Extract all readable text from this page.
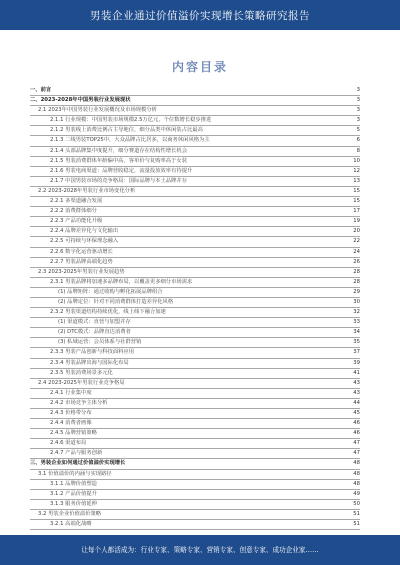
男装企业通过价值溢价实现增长策略研究报告
内容目录
一、前言	3
二、2023-2028年中国男装行业发展现状	3
2.1 2023年中国男装行业发展概况及市场规模分析	3
2.1.1 行业规模：中国男装市场规模2.5万亿元，个位数增长稳步推进	3
2.1.2 男装线上消费比例占主导地位，细分品类中休闲装占比最高	5
2.1.3 二线男装TOP25中，大众品牌占比居多，以商务休闲风格为主	6
2.1.4 头部品牌集中度提升，细分赛道存在结构性增长机会	8
2.1.5 男装消费群体年龄偏中高，客单价与复购率高于女装	10
2.1.6 男装电商渠道：品牌营收稳定，流量投放效率有待提升	12
2.1.7 中国男装市场的竞争格局：国际品牌与本土品牌并存	13
2.2 2023-2028年男装行业市场变化分析	15
2.2.1 多渠道融合发展	15
2.2.2 消费群体细分	17
2.2.3 产品功能化升级	19
2.2.4 品牌差异化与文化输出	20
2.2.5 可持续与环保理念融入	22
2.2.6 数字化运营驱动增长	24
2.2.7 男装品牌高端化趋势	26
2.3 2023-2025年男装行业发展趋势	28
2.3.1 男装品牌将加速多品牌布局，以覆盖更多细分市场需求	28
(1) 品牌矩阵：通过收购与孵化拓展品牌组合	29
(2) 品牌定位：针对不同消费群体打造差异化风格	30
2.3.2 男装渠道结构持续优化，线上线下融合加速	32
(1) 渠道模式：直营与加盟并存	33
(2) DTC模式：品牌直达消费者	34
(3) 私域运营：会员体系与社群营销	35
2.3.3 男装产品创新与科技面料应用	37
2.3.4 男装品牌出海与国际化布局	39
2.3.5 男装消费场景多元化	41
2.4 2023-2025年男装行业竞争格局	43
2.4.1 行业集中度	43
2.4.2 市场竞争主体分析	44
2.4.3 价格带分布	45
2.4.4 消费者画像	46
2.4.5 品牌营销策略	46
2.4.6 渠道布局	47
2.4.7 产品与服务创新	47
三、男装企业如何通过价值溢价实现增长	48
3.1 价值溢价的内涵与实现路径	48
3.1.1 品牌价值塑造	48
3.1.2 产品价值提升	49
3.1.3 服务价值延伸	50
3.2 男装企业价值溢价策略	51
3.2.1 高端化战略	51
让每个人都活成为：行业专家、策略专家、营销专家、创意专家、成功企业家……
